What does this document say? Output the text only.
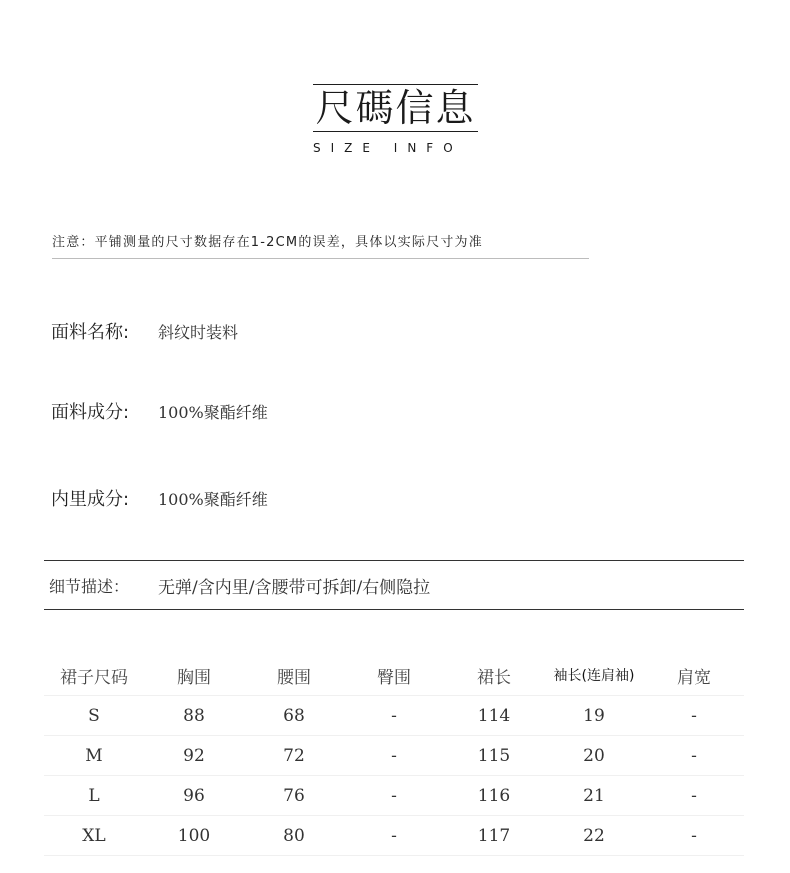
尺碼信息
SIZE INFO
注意：平铺测量的尺寸数据存在1-2CM的误差，具体以实际尺寸为准
面料名称: 斜纹时装料
面料成分: 100%聚酯纤维
内里成分: 100%聚酯纤维
细节描述： 无弹/含内里/含腰带可拆卸/右侧隐拉
裙子尺码	胸围	腰围	臀围	裙长	袖长(连肩袖)	肩宽
S	88	68	-	114	19	-
M	92	72	-	115	20	-
L	96	76	-	116	21	-
XL	100	80	-	117	22	-
